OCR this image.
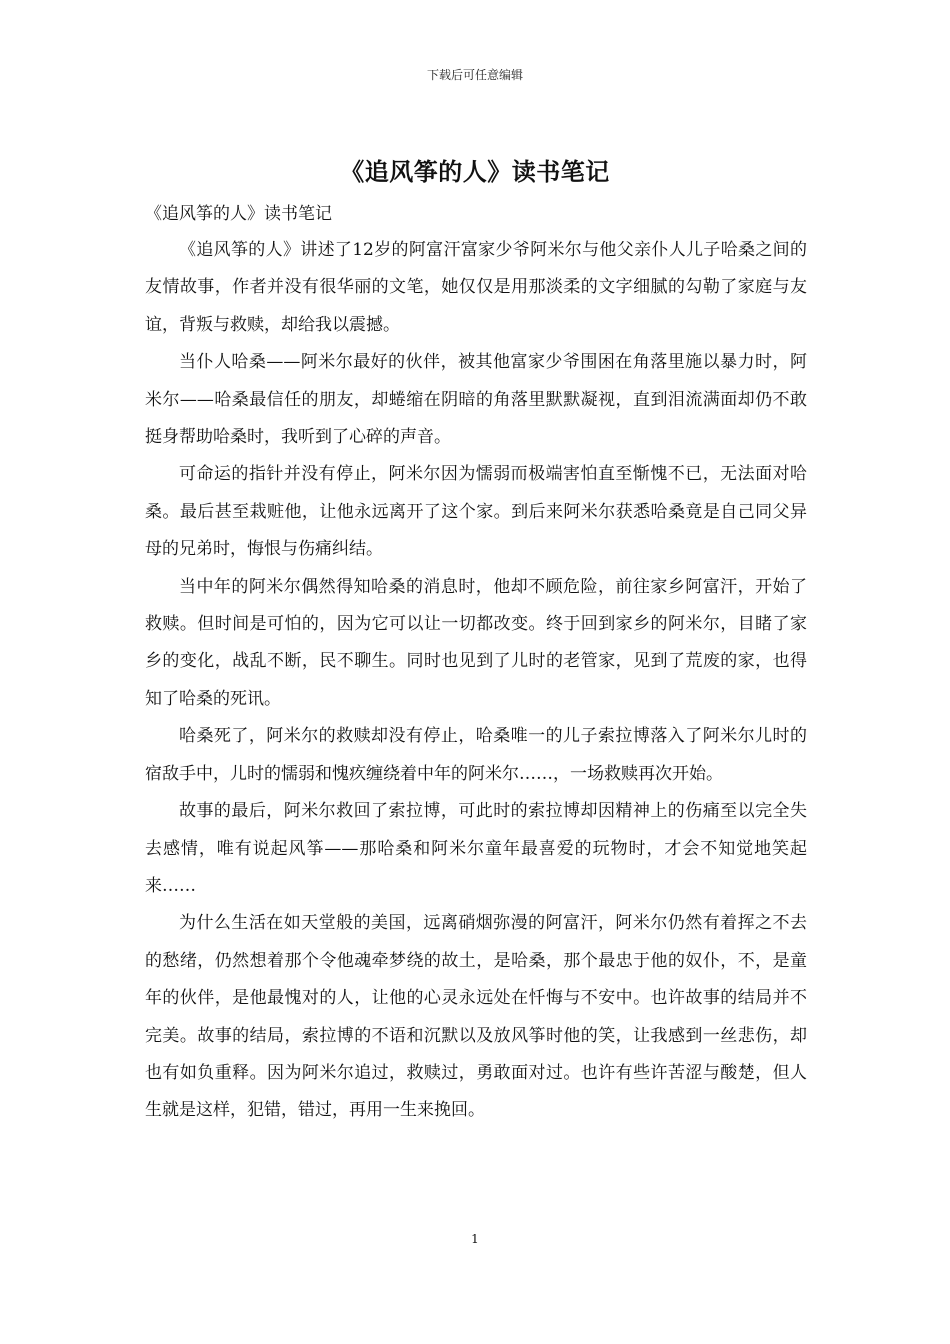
下载后可任意编辑
《追风筝的人》读书笔记
《追风筝的人》读书笔记

《追风筝的人》讲述了12岁的阿富汗富家少爷阿米尔与他父亲仆人儿子哈桑之间的友情故事，作者并没有很华丽的文笔，她仅仅是用那淡柔的文字细腻的勾勒了家庭与友谊，背叛与救赎，却给我以震撼。

当仆人哈桑——阿米尔最好的伙伴，被其他富家少爷围困在角落里施以暴力时，阿米尔——哈桑最信任的朋友，却蜷缩在阴暗的角落里默默凝视，直到泪流满面却仍不敢挺身帮助哈桑时，我听到了心碎的声音。

可命运的指针并没有停止，阿米尔因为懦弱而极端害怕直至惭愧不已，无法面对哈桑。最后甚至栽赃他，让他永远离开了这个家。到后来阿米尔获悉哈桑竟是自己同父异母的兄弟时，悔恨与伤痛纠结。

当中年的阿米尔偶然得知哈桑的消息时，他却不顾危险，前往家乡阿富汗，开始了救赎。但时间是可怕的，因为它可以让一切都改变。终于回到家乡的阿米尔，目睹了家乡的变化，战乱不断，民不聊生。同时也见到了儿时的老管家，见到了荒废的家，也得知了哈桑的死讯。

哈桑死了，阿米尔的救赎却没有停止，哈桑唯一的儿子索拉博落入了阿米尔儿时的宿敌手中，儿时的懦弱和愧疚缠绕着中年的阿米尔……，一场救赎再次开始。

故事的最后，阿米尔救回了索拉博，可此时的索拉博却因精神上的伤痛至以完全失去感情，唯有说起风筝——那哈桑和阿米尔童年最喜爱的玩物时，才会不知觉地笑起来……

为什么生活在如天堂般的美国，远离硝烟弥漫的阿富汗，阿米尔仍然有着挥之不去的愁绪，仍然想着那个令他魂牵梦绕的故土，是哈桑，那个最忠于他的奴仆，不，是童年的伙伴，是他最愧对的人，让他的心灵永远处在忏悔与不安中。也许故事的结局并不完美。故事的结局，索拉博的不语和沉默以及放风筝时他的笑，让我感到一丝悲伤，却也有如负重释。因为阿米尔追过，救赎过，勇敢面对过。也许有些许苦涩与酸楚，但人生就是这样，犯错，错过，再用一生来挽回。

1
